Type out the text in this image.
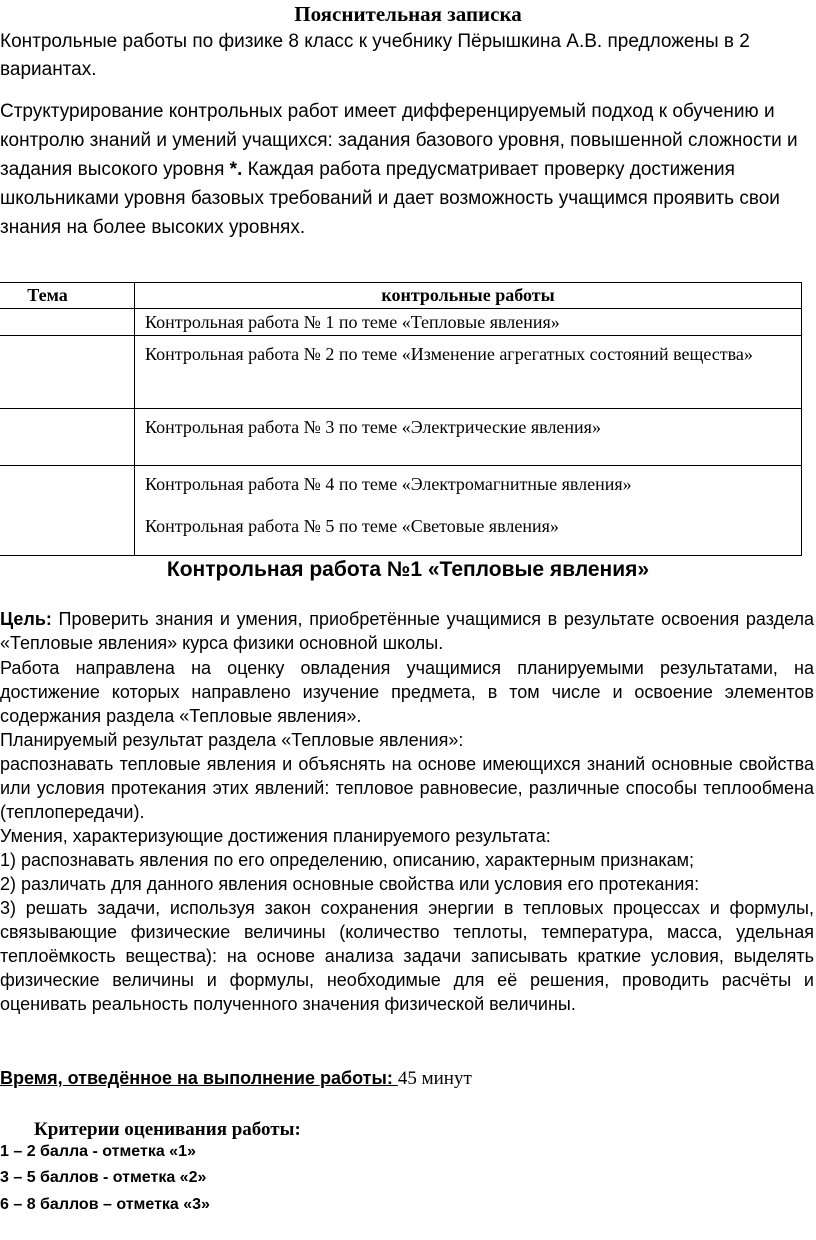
Пояснительная записка
Контрольные работы по физике 8 класс к учебнику Пёрышкина А.В. предложены в 2
вариантах.
Структурирование контрольных работ имеет дифференцируемый подход к обучению и
контролю знаний и умений учащихся: задания базового уровня, повышенной сложности и
задания высокого уровня *. Каждая работа предусматривает проверку достижения
школьниками уровня базовых требований и дает возможность учащимся проявить свои
знания на более высоких уровнях.
Тема	контрольные работы

Контрольная работа № 1 по теме «Тепловые явления»

Контрольная работа № 2 по теме «Изменение агрегатных состояний вещества»

Контрольная работа № 3 по теме «Электрические явления»

Контрольная работа № 4 по теме «Электромагнитные явления»
Контрольная работа № 5 по теме «Световые явления»
Контрольная работа №1 «Тепловые явления»
Цель: Проверить знания и умения, приобретённые учащимися в результате освоения раздела «Тепловые явления» курса физики основной школы.
Работа направлена на оценку овладения учащимися планируемыми результатами, на достижение которых направлено изучение предмета, в том числе и освоение элементов содержания раздела «Тепловые явления».
Планируемый результат раздела «Тепловые явления»:
распознавать тепловые явления и объяснять на основе имеющихся знаний основные свойства или условия протекания этих явлений: тепловое равновесие, различные способы теплообмена (теплопередачи).
Умения, характеризующие достижения планируемого результата:
1) распознавать явления по его определению, описанию, характерным признакам;
2) различать для данного явления основные свойства или условия его протекания:
3) решать задачи, используя закон сохранения энергии в тепловых процессах и формулы, связывающие физические величины (количество теплоты, температура, масса, удельная теплоёмкость вещества): на основе анализа задачи записывать краткие условия, выделять физические величины и формулы, необходимые для её решения, проводить расчёты и оценивать реальность полученного значения физической величины.
Время, отведённое на выполнение работы: 45 минут
Критерии оценивания работы:
1 – 2 балла - отметка «1»
3 – 5 баллов - отметка «2»
6 – 8 баллов – отметка «3»
